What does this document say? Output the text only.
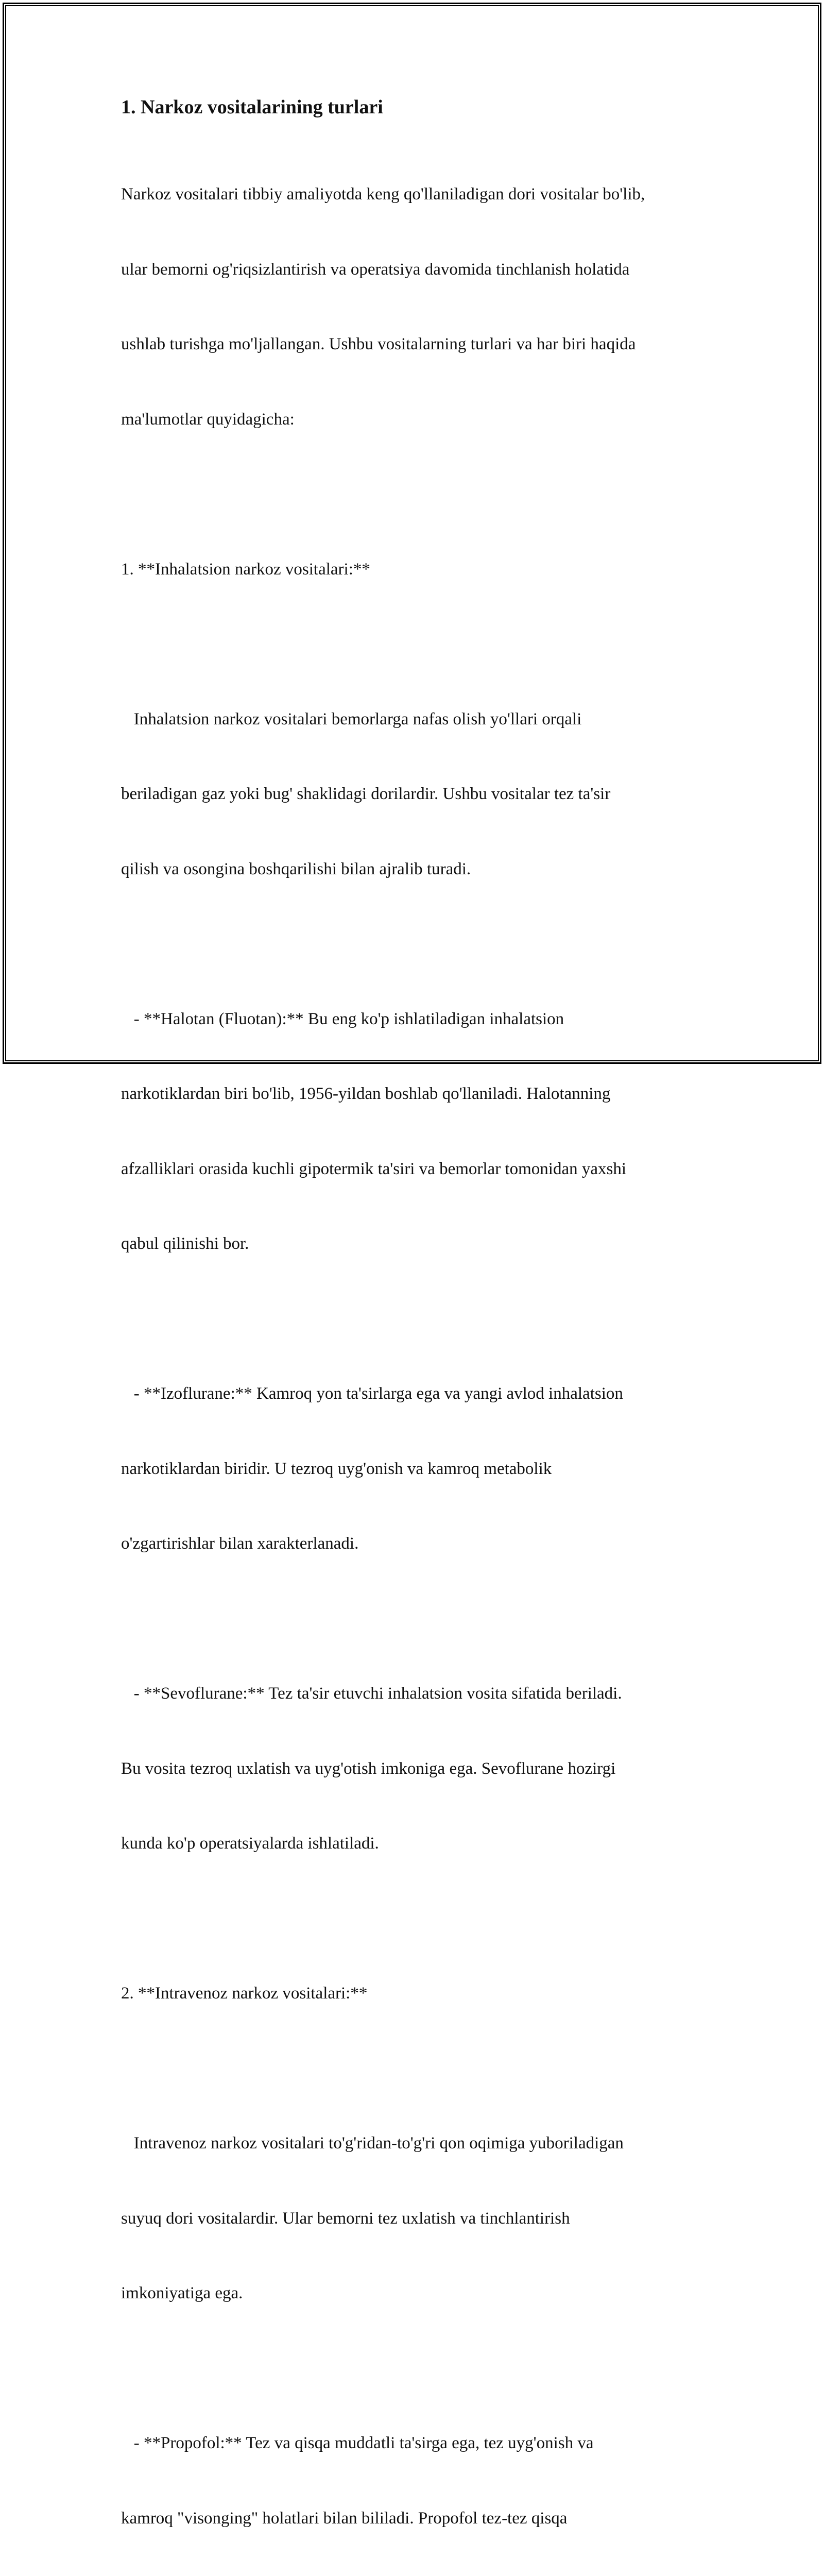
1. Narkoz vositalarining turlari

Narkoz vositalari tibbiy amaliyotda keng qo'llaniladigan dori vositalar bo'lib,

ular bemorni og'riqsizlantirish va operatsiya davomida tinchlanish holatida

ushlab turishga mo'ljallangan. Ushbu vositalarning turlari va har biri haqida

ma'lumotlar quyidagicha:

1. **Inhalatsion narkoz vositalari:**

Inhalatsion narkoz vositalari bemorlarga nafas olish yo'llari orqali

beriladigan gaz yoki bug' shaklidagi dorilardir. Ushbu vositalar tez ta'sir

qilish va osongina boshqarilishi bilan ajralib turadi.

- **Halotan (Fluotan):** Bu eng ko'p ishlatiladigan inhalatsion

narkotiklardan biri bo'lib, 1956-yildan boshlab qo'llaniladi. Halotanning

afzalliklari orasida kuchli gipotermik ta'siri va bemorlar tomonidan yaxshi

qabul qilinishi bor.

- **Izoflurane:** Kamroq yon ta'sirlarga ega va yangi avlod inhalatsion

narkotiklardan biridir. U tezroq uyg'onish va kamroq metabolik

o'zgartirishlar bilan xarakterlanadi.

- **Sevoflurane:** Tez ta'sir etuvchi inhalatsion vosita sifatida beriladi.

Bu vosita tezroq uxlatish va uyg'otish imkoniga ega. Sevoflurane hozirgi

kunda ko'p operatsiyalarda ishlatiladi.

2. **Intravenoz narkoz vositalari:**

Intravenoz narkoz vositalari to'g'ridan-to'g'ri qon oqimiga yuboriladigan

suyuq dori vositalardir. Ular bemorni tez uxlatish va tinchlantirish

imkoniyatiga ega.

- **Propofol:** Tez va qisqa muddatli ta'sirga ega, tez uyg'onish va

kamroq "visonging" holatlari bilan bililadi. Propofol tez-tez qisqa
